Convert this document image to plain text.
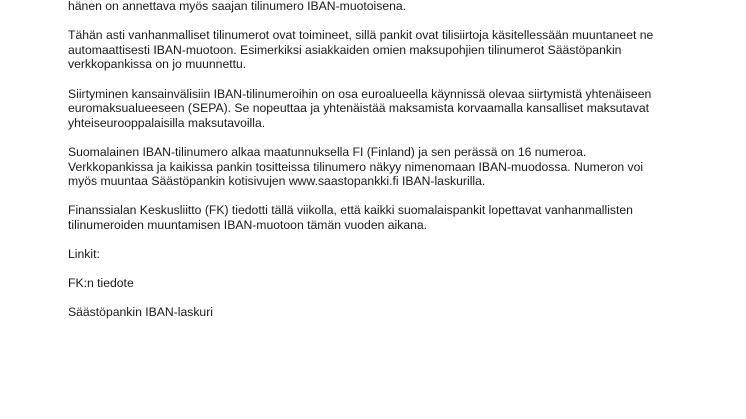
hänen on annettava myös saajan tilinumero IBAN-muotoisena.

Tähän asti vanhanmalliset tilinumerot ovat toimineet, sillä pankit ovat tilisiirtoja käsitellessään muuntaneet ne
automaattisesti IBAN-muotoon. Esimerkiksi asiakkaiden omien maksupohjien tilinumerot Säästöpankin
verkkopankissa on jo muunnettu.

Siirtyminen kansainvälisiin IBAN-tilinumeroihin on osa euroalueella käynnissä olevaa siirtymistä yhtenäiseen
euromaksualueeseen (SEPA). Se nopeuttaa ja yhtenäistää maksamista korvaamalla kansalliset maksutavat
yhteiseurooppalaisilla maksutavoilla.

Suomalainen IBAN-tilinumero alkaa maatunnuksella FI (Finland) ja sen perässä on 16 numeroa.
Verkkopankissa ja kaikissa pankin tositteissa tilinumero näkyy nimenomaan IBAN-muodossa. Numeron voi
myös muuntaa Säästöpankin kotisivujen www.saastopankki.fi IBAN-laskurilla.

Finanssialan Keskusliitto (FK) tiedotti tällä viikolla, että kaikki suomalaispankit lopettavat vanhanmallisten
tilinumeroiden muuntamisen IBAN-muotoon tämän vuoden aikana.

Linkit:

FK:n tiedote

Säästöpankin IBAN-laskuri
